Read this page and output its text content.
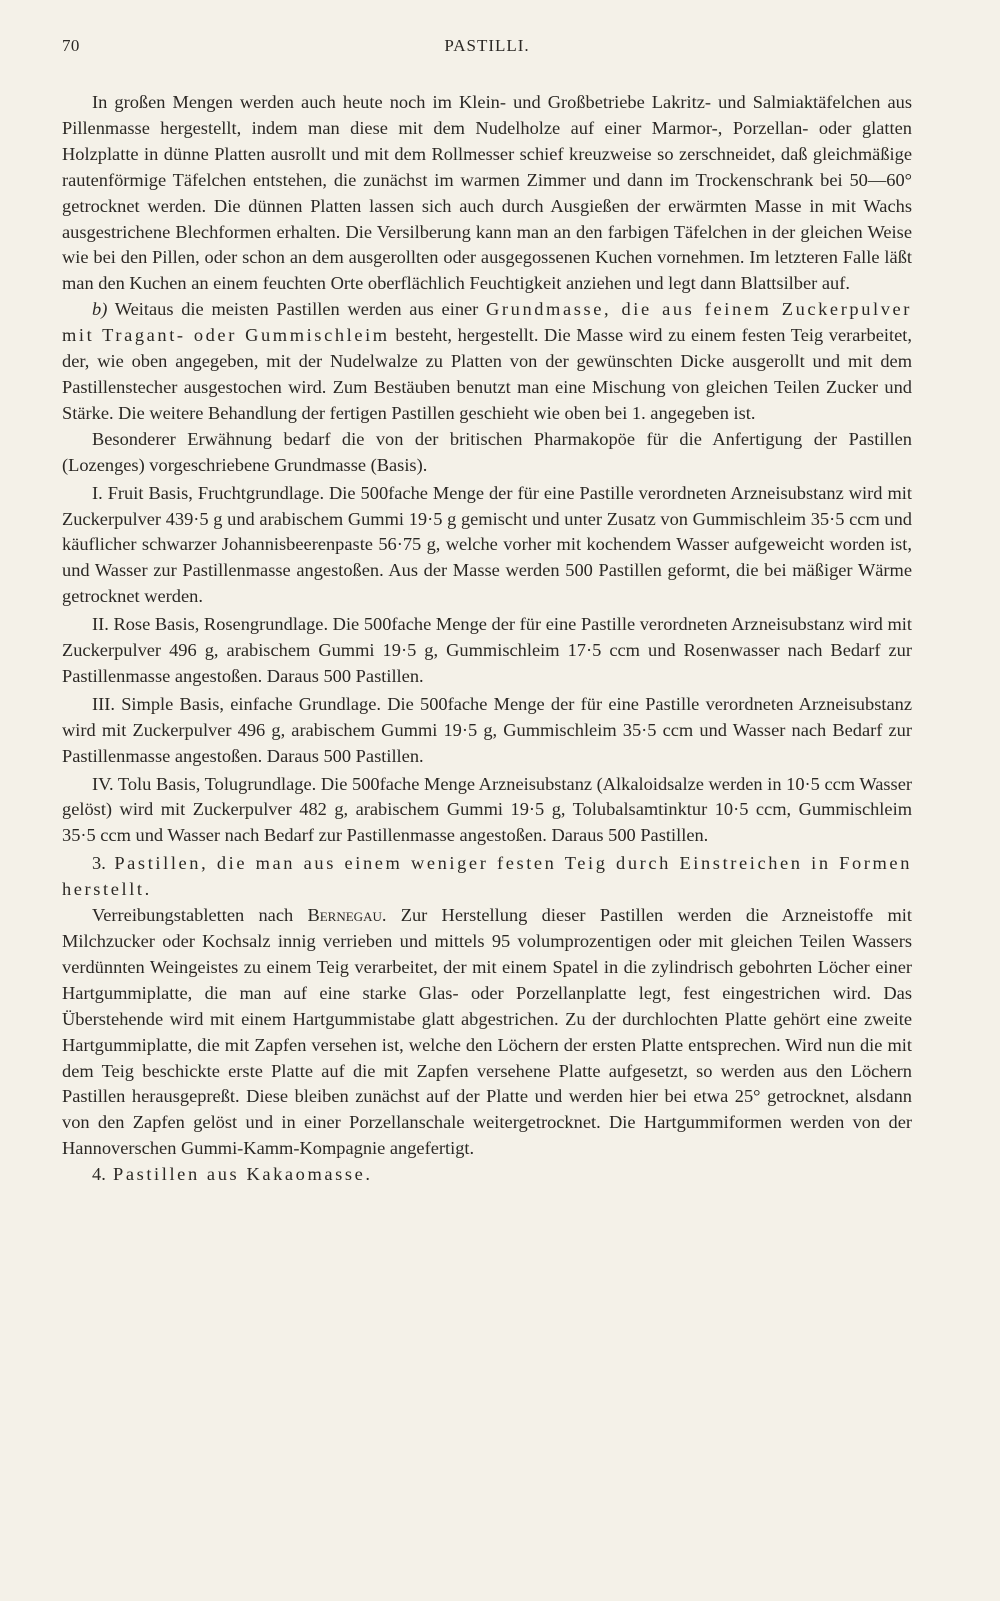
70	PASTILLI.

In großen Mengen werden auch heute noch im Klein- und Großbetriebe Lakritz- und Salmiaktäfelchen aus Pillenmasse hergestellt, indem man diese mit dem Nudelholze auf einer Marmor-, Porzellan- oder glatten Holzplatte in dünne Platten ausrollt und mit dem Rollmesser schief kreuzweise so zerschneidet, daß gleichmäßige rautenförmige Täfelchen entstehen, die zunächst im warmen Zimmer und dann im Trockenschrank bei 50—60° getrocknet werden. Die dünnen Platten lassen sich auch durch Ausgießen der erwärmten Masse in mit Wachs ausgestrichene Blechformen erhalten. Die Versilberung kann man an den farbigen Täfelchen in der gleichen Weise wie bei den Pillen, oder schon an dem ausgerollten oder ausgegossenen Kuchen vornehmen. Im letzteren Falle läßt man den Kuchen an einem feuchten Orte oberflächlich Feuchtigkeit anziehen und legt dann Blattsilber auf.

b) Weitaus die meisten Pastillen werden aus einer Grundmasse, die aus feinem Zuckerpulver mit Tragant- oder Gummischleim besteht, hergestellt. Die Masse wird zu einem festen Teig verarbeitet, der, wie oben angegeben, mit der Nudelwalze zu Platten von der gewünschten Dicke ausgerollt und mit dem Pastillenstecher ausgestochen wird. Zum Bestäuben benutzt man eine Mischung von gleichen Teilen Zucker und Stärke. Die weitere Behandlung der fertigen Pastillen geschieht wie oben bei 1. angegeben ist.

Besonderer Erwähnung bedarf die von der britischen Pharmakopöe für die Anfertigung der Pastillen (Lozenges) vorgeschriebene Grundmasse (Basis).

I. Fruit Basis, Fruchtgrundlage. Die 500fache Menge der für eine Pastille verordneten Arzneisubstanz wird mit Zuckerpulver 439·5 g und arabischem Gummi 19·5 g gemischt und unter Zusatz von Gummischleim 35·5 ccm und käuflicher schwarzer Johannisbeerenpaste 56·75 g, welche vorher mit kochendem Wasser aufgeweicht worden ist, und Wasser zur Pastillenmasse angestoßen. Aus der Masse werden 500 Pastillen geformt, die bei mäßiger Wärme getrocknet werden.

II. Rose Basis, Rosengrundlage. Die 500fache Menge der für eine Pastille verordneten Arzneisubstanz wird mit Zuckerpulver 496 g, arabischem Gummi 19·5 g, Gummischleim 17·5 ccm und Rosenwasser nach Bedarf zur Pastillenmasse angestoßen. Daraus 500 Pastillen.

III. Simple Basis, einfache Grundlage. Die 500fache Menge der für eine Pastille verordneten Arzneisubstanz wird mit Zuckerpulver 496 g, arabischem Gummi 19·5 g, Gummischleim 35·5 ccm und Wasser nach Bedarf zur Pastillenmasse angestoßen. Daraus 500 Pastillen.

IV. Tolu Basis, Tolugrundlage. Die 500fache Menge Arzneisubstanz (Alkaloidsalze werden in 10·5 ccm Wasser gelöst) wird mit Zuckerpulver 482 g, arabischem Gummi 19·5 g, Tolubalsamtinktur 10·5 ccm, Gummischleim 35·5 ccm und Wasser nach Bedarf zur Pastillenmasse angestoßen. Daraus 500 Pastillen.

3. Pastillen, die man aus einem weniger festen Teig durch Einstreichen in Formen herstellt.

Verreibungstabletten nach Bernegau. Zur Herstellung dieser Pastillen werden die Arzneistoffe mit Milchzucker oder Kochsalz innig verrieben und mittels 95 volumprozentigen oder mit gleichen Teilen Wassers verdünnten Weingeistes zu einem Teig verarbeitet, der mit einem Spatel in die zylindrisch gebohrten Löcher einer Hartgummiplatte, die man auf eine starke Glas- oder Porzellanplatte legt, fest eingestrichen wird. Das Überstehende wird mit einem Hartgummistabe glatt abgestrichen. Zu der durchlochten Platte gehört eine zweite Hartgummiplatte, die mit Zapfen versehen ist, welche den Löchern der ersten Platte entsprechen. Wird nun die mit dem Teig beschickte erste Platte auf die mit Zapfen versehene Platte aufgesetzt, so werden aus den Löchern Pastillen herausgepreßt. Diese bleiben zunächst auf der Platte und werden hier bei etwa 25° getrocknet, alsdann von den Zapfen gelöst und in einer Porzellanschale weitergetrocknet. Die Hartgummiformen werden von der Hannoverschen Gummi-Kamm-Kompagnie angefertigt.

4. Pastillen aus Kakaomasse.
